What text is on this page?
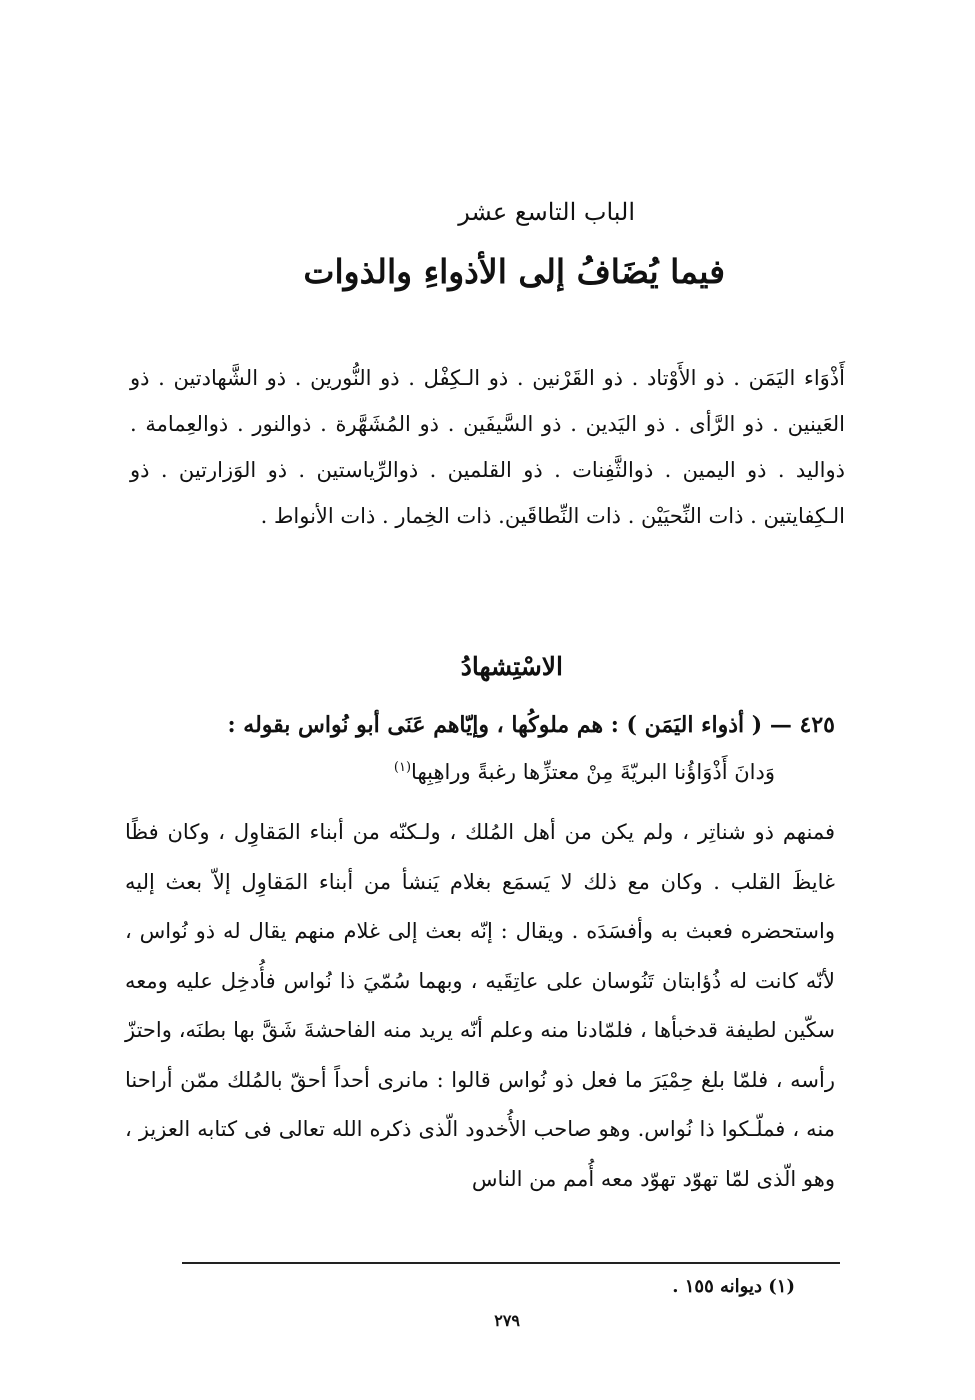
الباب التاسع عشر
فيما يُضَافُ إلى الأذواءِ والذوات
أَذْوَاء اليَمَن . ذو الأَوْتاد . ذو القَرْنين . ذو الـكِفْل . ذو النُّورين . ذو الشَّهادتين . ذو العَينين . ذو الرَّأى . ذو اليَدين . ذو السَّيفَين . ذو المُشَهَّرة . ذوالنور . ذوالعِمامة . ذواليد . ذو اليمين . ذوالثَّفِنات . ذو القلمين . ذوالرِّياستين . ذو الوَزارتين . ذو الـكِفايتين . ذات النِّحيَيْن . ذات النِّطاقَين. ذات الخِمار . ذات الأنواط .
الاسْتِشهادُ
٤٢٥ — ( أذواء اليَمَن ) : هم ملوكُها ، وإيّاهم عَنَى أبو نُواس بقوله :
وَدانَ أَذْوَاؤُنا البريّةَ مِنْ معتزِّها رغبةً وراهِبِها$^{(١)}$
فمنهم ذو شناتِر ، ولم يكن من أهل المُلك ، ولـكنّه من أبناء المَقاوِل ، وكان فظًا غايظَ القلب . وكان مع ذلك لا يَسمَع بغلام يَنشأ من أبناء المَقاوِل إلاّ بعث إليه واستحضره فعبث به وأفسَدَه . ويقال : إنّه بعث إلى غلام منهم يقال له ذو نُواس ، لأنّه كانت له ذُؤابتان تَنُوسان على عاتِقَيه ، وبهما سُمّيَ ذا نُواس فأُدخِل عليه ومعه سكّين لطيفة قدخبأها ، فلمّادنا منه وعلم أنّه يريد منه الفاحشةَ شَقَّ بها بطنَه، واحتزّ رأسه ، فلمّا بلغ حِمْيَرَ ما فعل ذو نُواس قالوا : مانرى أحداً أحقّ بالمُلك ممّن أراحنا منه ، فملّـكوا ذا نُواس. وهو صاحب الأُخدود الّذى ذكره الله تعالى فى كتابه العزيز ، وهو الّذى لمّا تهوّد تهوّد معه أُمم من الناس
(١) ديوانه ١٥٥ .
٢٧٩
